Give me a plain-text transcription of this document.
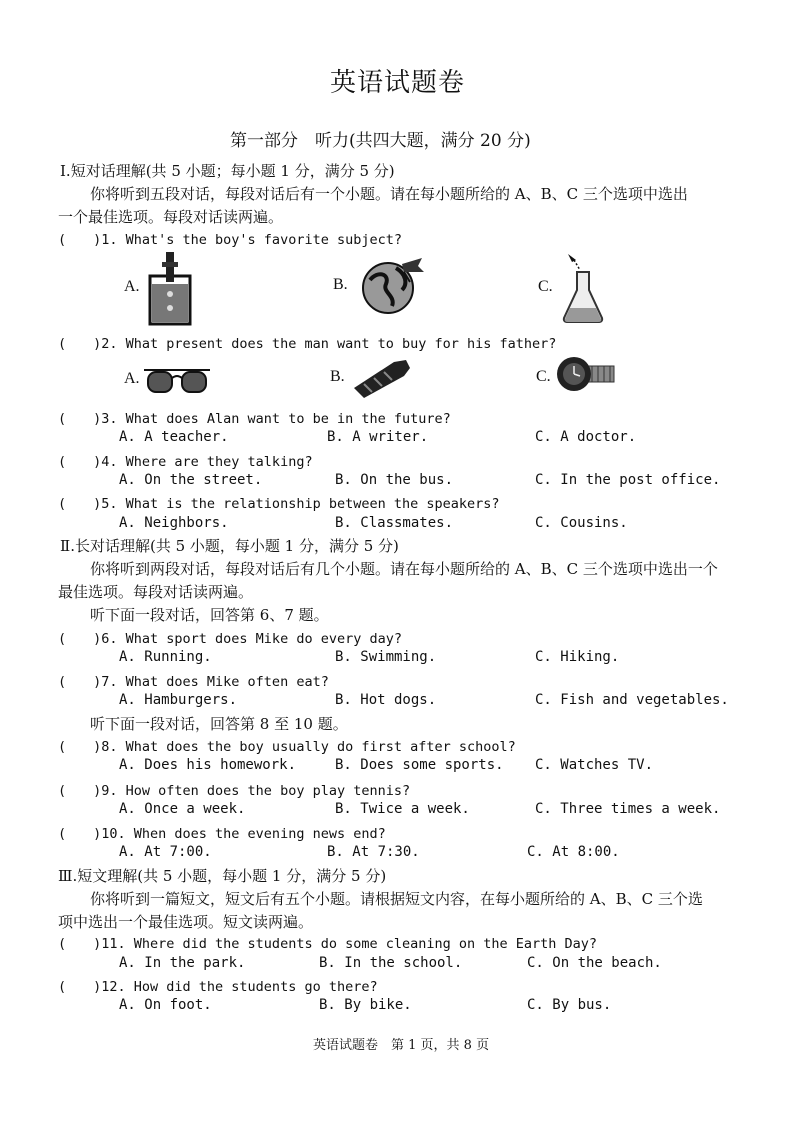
英语试题卷
第一部分　听力(共四大题，满分 20 分)
Ⅰ.短对话理解(共 5 小题；每小题 1 分，满分 5 分)
你将听到五段对话，每段对话后有一个小题。请在每小题所给的 A、B、C 三个选项中选出
一个最佳选项。每段对话读两遍。
(　　)1. What's the boy's favorite subject?
A.	B.	C.
(　　)2. What present does the man want to buy for his father?
A.	B.	C.
(　　)3. What does Alan want to be in the future?
A. A teacher.	B. A writer.	C. A doctor.
(　　)4. Where are they talking?
A. On the street.	B. On the bus.	C. In the post office.
(　　)5. What is the relationship between the speakers?
A. Neighbors.	B. Classmates.	C. Cousins.
Ⅱ.长对话理解(共 5 小题，每小题 1 分，满分 5 分)
你将听到两段对话，每段对话后有几个小题。请在每小题所给的 A、B、C 三个选项中选出一个
最佳选项。每段对话读两遍。
听下面一段对话，回答第 6、7 题。
(　　)6. What sport does Mike do every day?
A. Running.	B. Swimming.	C. Hiking.
(　　)7. What does Mike often eat?
A. Hamburgers.	B. Hot dogs.	C. Fish and vegetables.
听下面一段对话，回答第 8 至 10 题。
(　　)8. What does the boy usually do first after school?
A. Does his homework.	B. Does some sports. C. Watches TV.
(　　)9. How often does the boy play tennis?
A. Once a week.	B. Twice a week.	C. Three times a week.
(　　)10. When does the evening news end?
A. At 7:00.	B. At 7:30.	C. At 8:00.
Ⅲ.短文理解(共 5 小题，每小题 1 分，满分 5 分)
你将听到一篇短文，短文后有五个小题。请根据短文内容，在每小题所给的 A、B、C 三个选
项中选出一个最佳选项。短文读两遍。
(　　)11. Where did the students do some cleaning on the Earth Day?
A. In the park.	B. In the school.	C. On the beach.
(　　)12. How did the students go there?
A. On foot.	B. By bike.	C. By bus.
英语试题卷　第 1 页，共 8 页
